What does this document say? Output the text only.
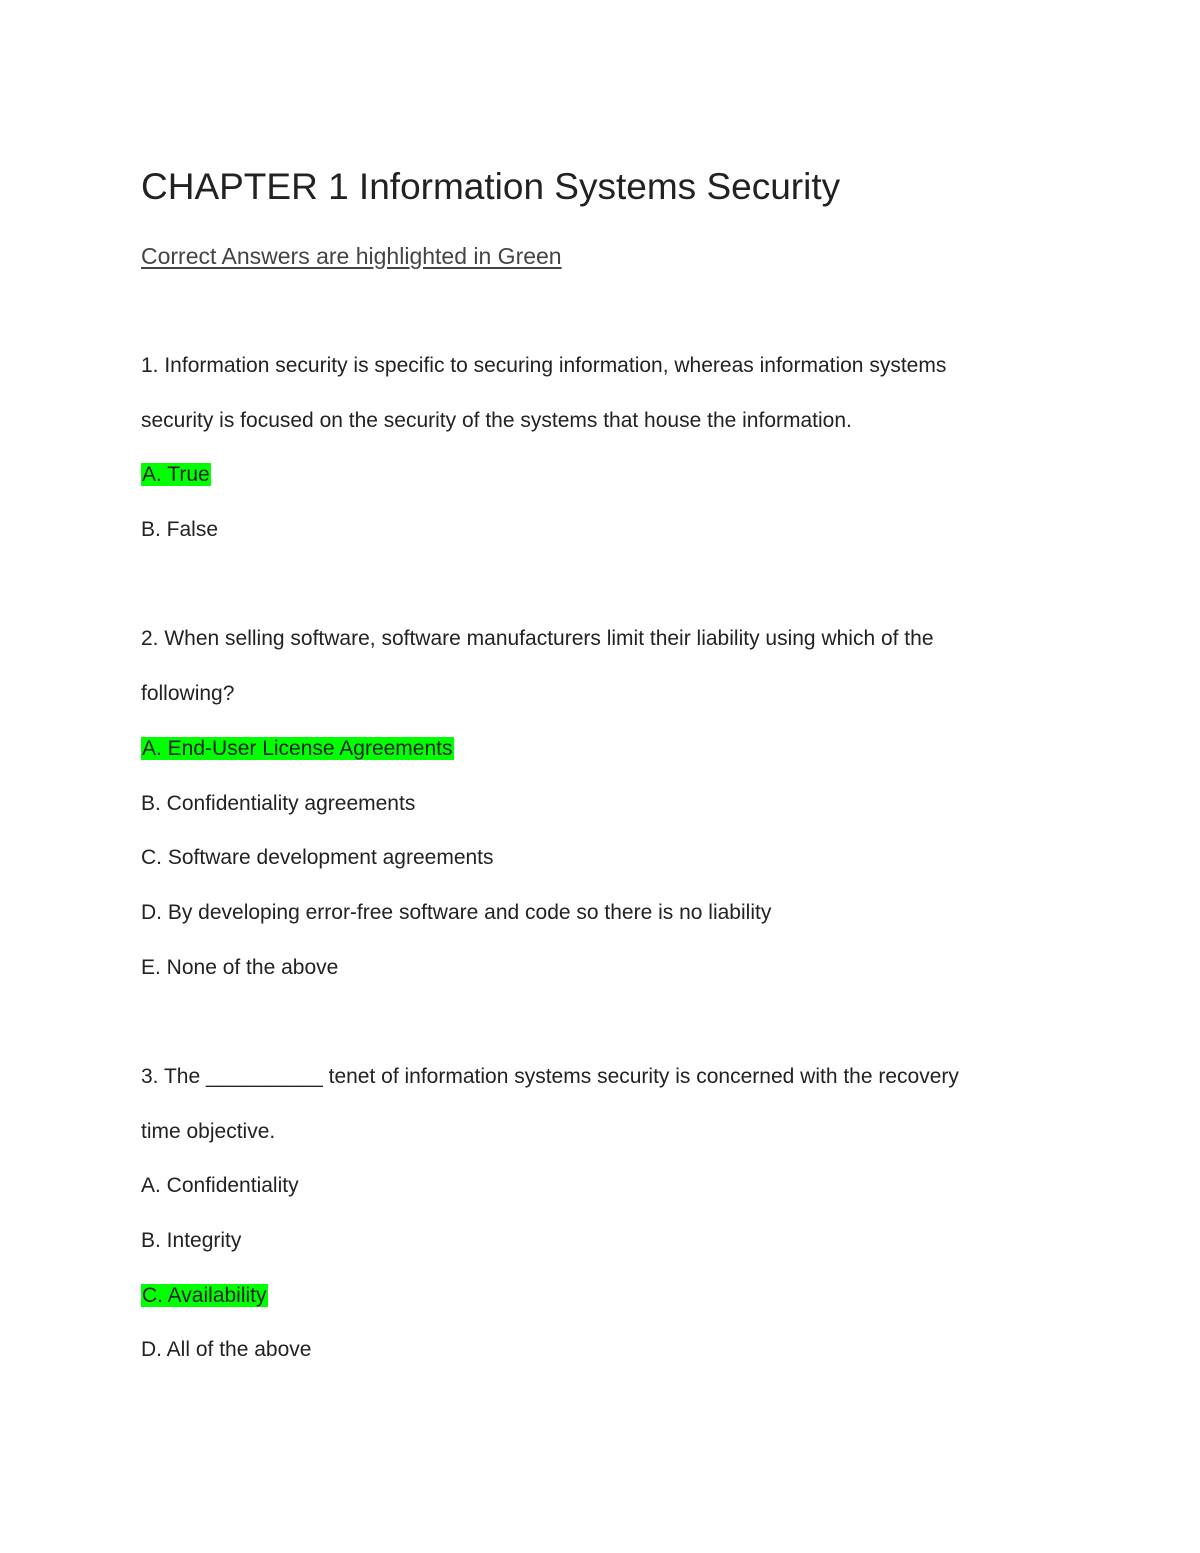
CHAPTER 1 Information Systems Security

Correct Answers are highlighted in Green

1. Information security is specific to securing information, whereas information systems

security is focused on the security of the systems that house the information.

A. True

B. False

2. When selling software, software manufacturers limit their liability using which of the

following?

A. End-User License Agreements

B. Confidentiality agreements

C. Software development agreements

D. By developing error-free software and code so there is no liability

E. None of the above

3. The __________ tenet of information systems security is concerned with the recovery

time objective.

A. Confidentiality

B. Integrity

C. Availability

D. All of the above
